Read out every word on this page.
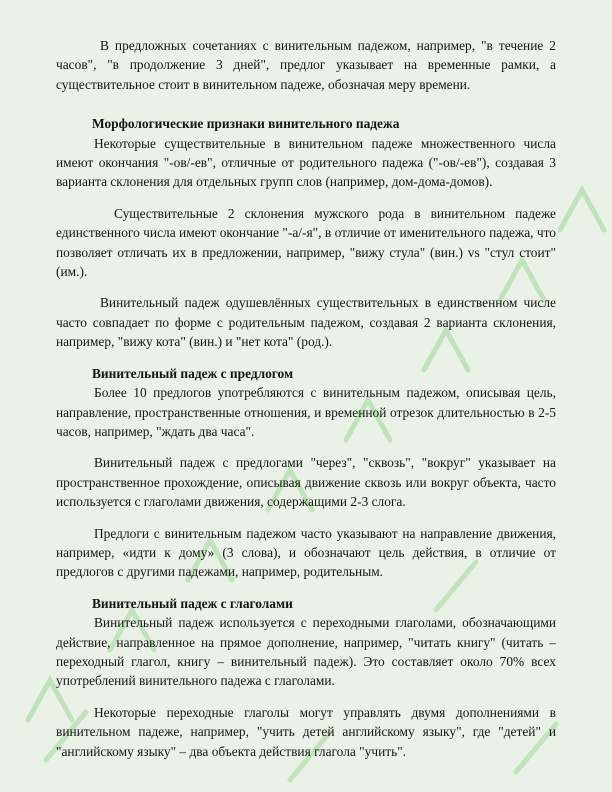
В предложных сочетаниях с винительным падежом, например, "в течение 2 часов", "в продолжение 3 дней", предлог указывает на временные рамки, а существительное стоит в винительном падеже, обозначая меру времени.

Морфологические признаки винительного падежа

Некоторые существительные в винительном падеже множественного числа имеют окончания "-ов/-ев", отличные от родительного падежа ("-ов/-ев"), создавая 3 варианта склонения для отдельных групп слов (например, дом-дома-домов).

Существительные 2 склонения мужского рода в винительном падеже единственного числа имеют окончание "-а/-я", в отличие от именительного падежа, что позволяет отличать их в предложении, например, "вижу стула" (вин.) vs "стул стоит" (им.).

Винительный падеж одушевлённых существительных в единственном числе часто совпадает по форме с родительным падежом, создавая 2 варианта склонения, например, "вижу кота" (вин.) и "нет кота" (род.).

Винительный падеж с предлогом

Более 10 предлогов употребляются с винительным падежом, описывая цель, направление, пространственные отношения, и временной отрезок длительностью в 2-5 часов, например, "ждать два часа".

Винительный падеж с предлогами "через", "сквозь", "вокруг" указывает на пространственное прохождение, описывая движение сквозь или вокруг объекта, часто используется с глаголами движения, содержащими 2-3 слога.

Предлоги с винительным падежом часто указывают на направление движения, например, «идти к дому» (3 слова), и обозначают цель действия, в отличие от предлогов с другими падежами, например, родительным.

Винительный падеж с глаголами

Винительный падеж используется с переходными глаголами, обозначающими действие, направленное на прямое дополнение, например, "читать книгу" (читать – переходный глагол, книгу – винительный падеж). Это составляет около 70% всех употреблений винительного падежа с глаголами.

Некоторые переходные глаголы могут управлять двумя дополнениями в винительном падеже, например, "учить детей английскому языку", где "детей" и "английскому языку" – два объекта действия глагола "учить".
